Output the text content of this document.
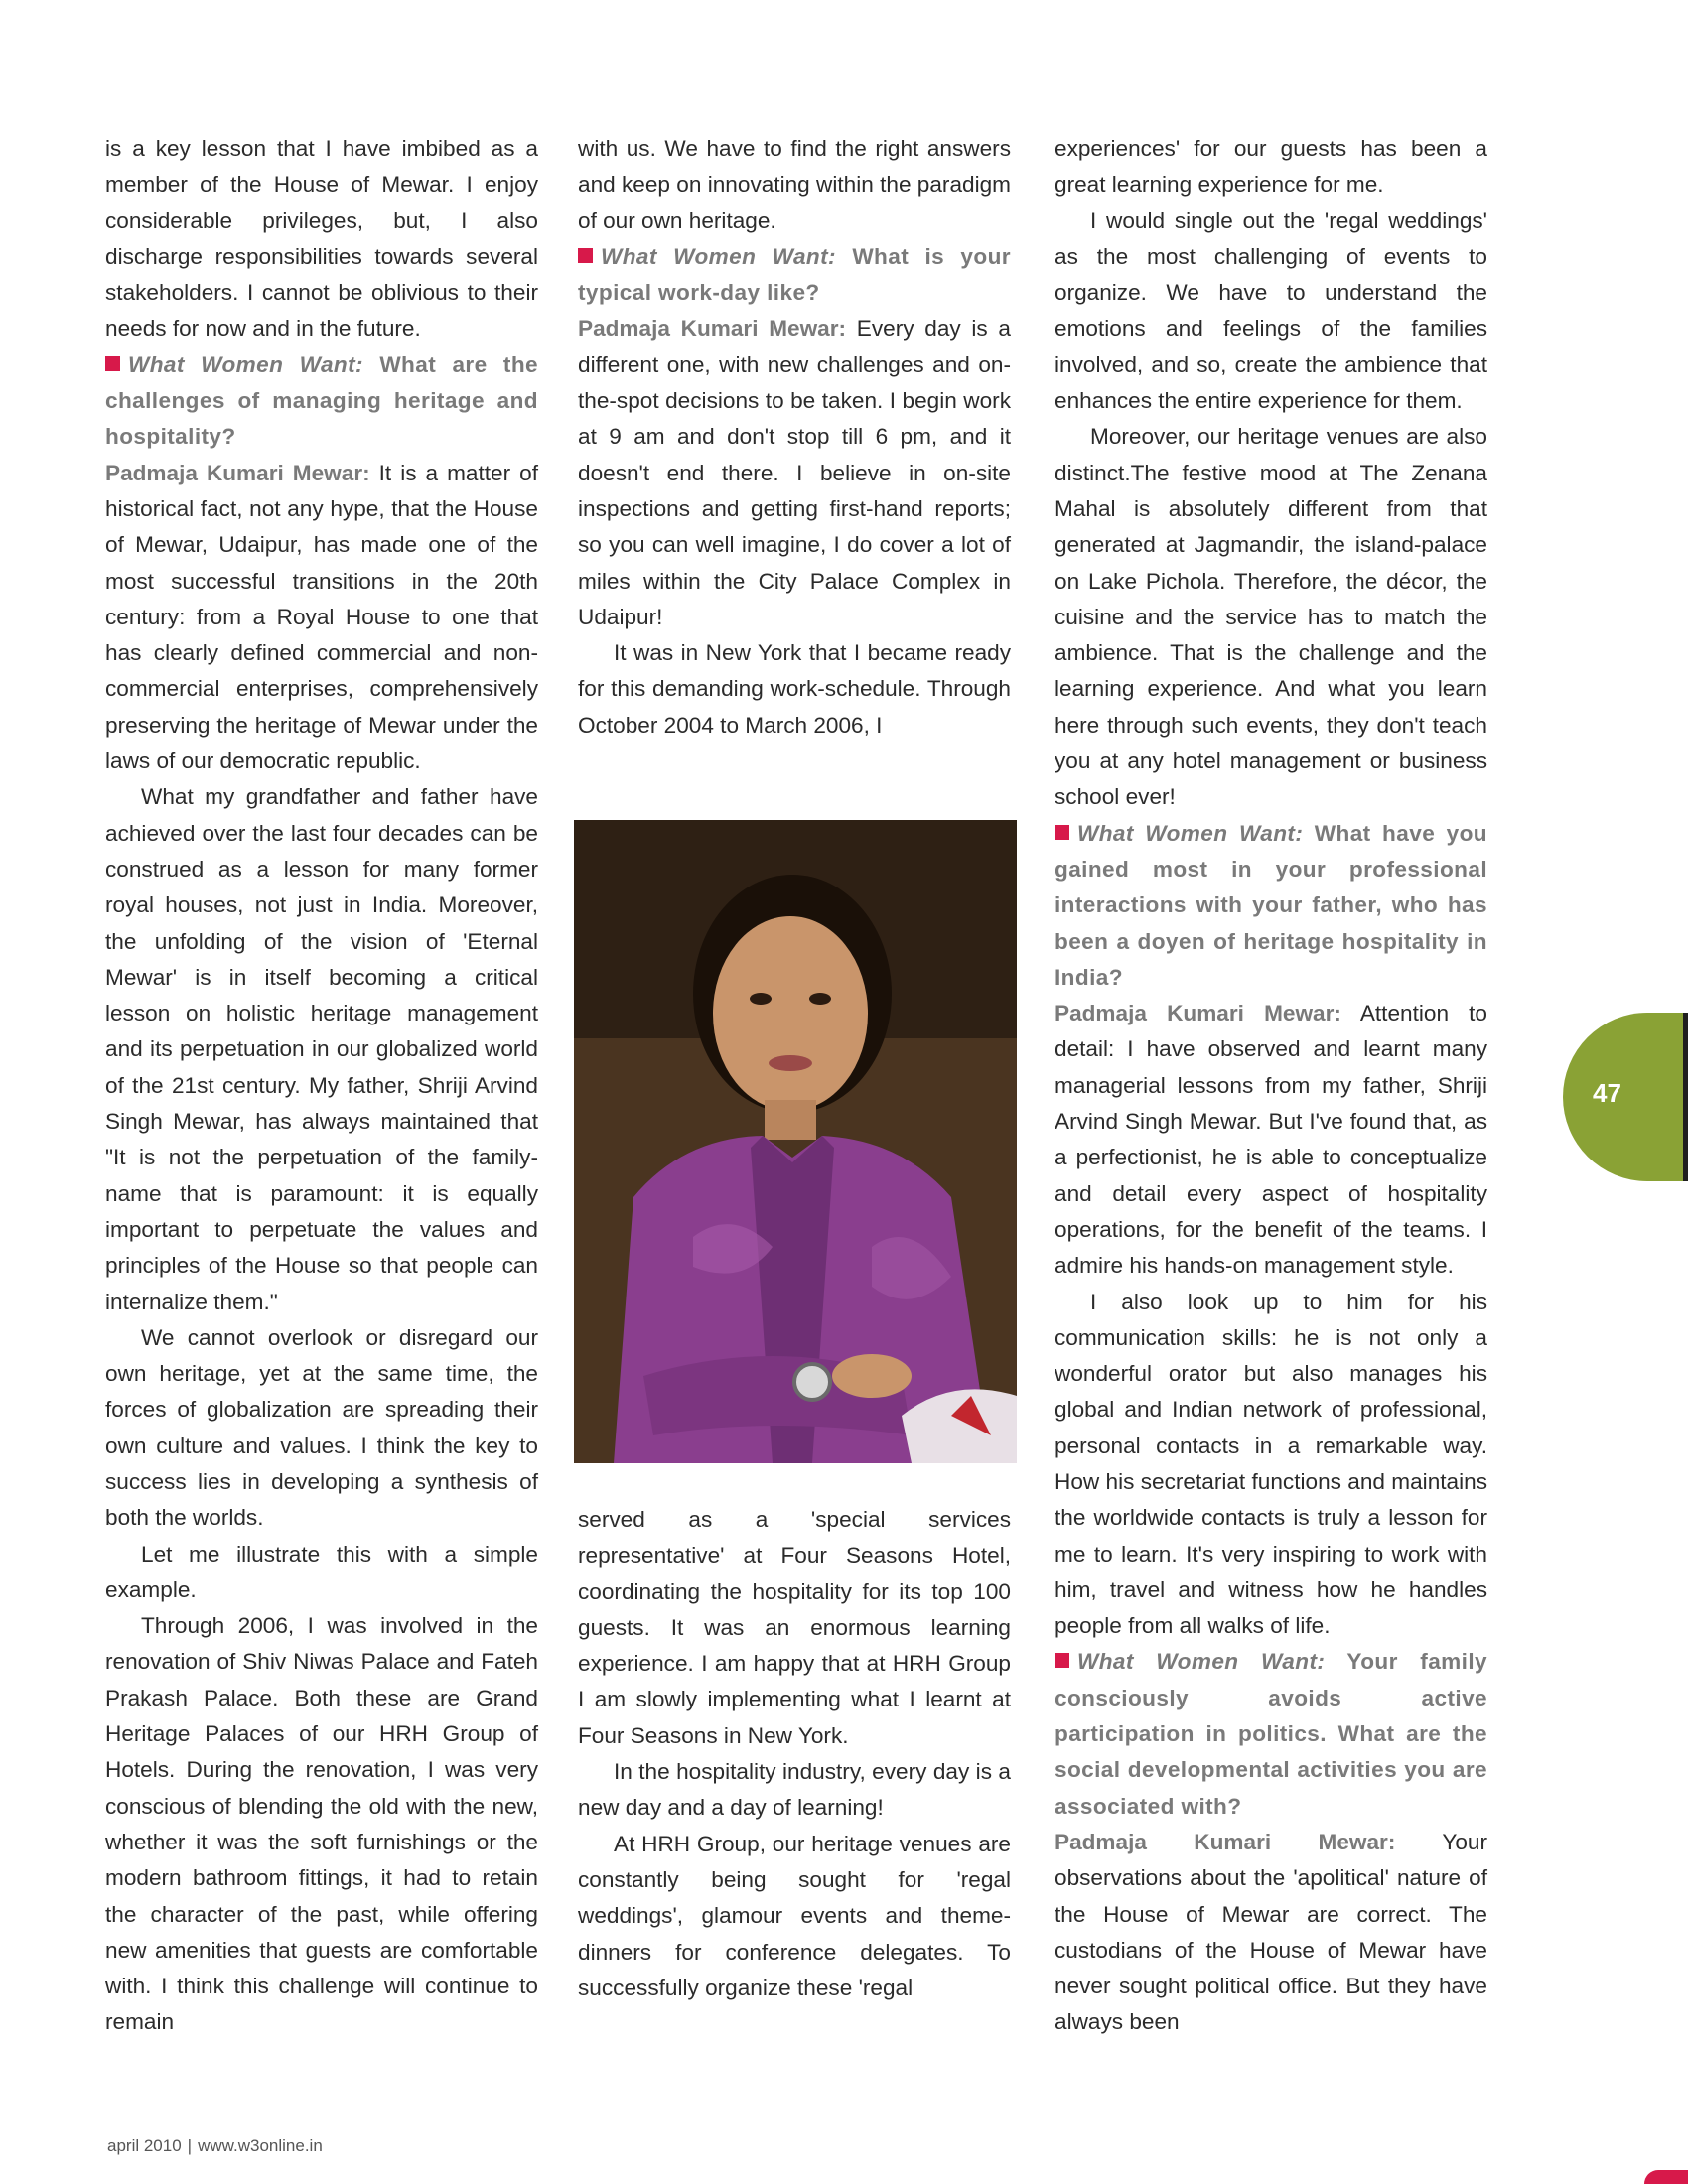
is a key lesson that I have imbibed as a member of the House of Mewar. I enjoy considerable privileges, but, I also discharge responsibilities towards several stakeholders. I cannot be oblivious to their needs for now and in the future.

What Women Want: What are the challenges of managing heritage and hospitality?

Padmaja Kumari Mewar: It is a matter of historical fact, not any hype, that the House of Mewar, Udaipur, has made one of the most successful transitions in the 20th century: from a Royal House to one that has clearly defined commercial and non-commercial enterprises, comprehensively preserving the heritage of Mewar under the laws of our democratic republic.

What my grandfather and father have achieved over the last four decades can be construed as a lesson for many former royal houses, not just in India. Moreover, the unfolding of the vision of 'Eternal Mewar' is in itself becoming a critical lesson on holistic heritage management and its perpetuation in our globalized world of the 21st century. My father, Shriji Arvind Singh Mewar, has always maintained that "It is not the perpetuation of the family-name that is paramount: it is equally important to perpetuate the values and principles of the House so that people can internalize them."

We cannot overlook or disregard our own heritage, yet at the same time, the forces of globalization are spreading their own culture and values. I think the key to success lies in developing a synthesis of both the worlds.

Let me illustrate this with a simple example.

Through 2006, I was involved in the renovation of Shiv Niwas Palace and Fateh Prakash Palace. Both these are Grand Heritage Palaces of our HRH Group of Hotels. During the renovation, I was very conscious of blending the old with the new, whether it was the soft furnishings or the modern bathroom fittings, it had to retain the character of the past, while offering new amenities that guests are comfortable with. I think this challenge will continue to remain

with us. We have to find the right answers and keep on innovating within the paradigm of our own heritage.

What Women Want: What is your typical work-day like?

Padmaja Kumari Mewar: Every day is a different one, with new challenges and on-the-spot decisions to be taken. I begin work at 9 am and don't stop till 6 pm, and it doesn't end there. I believe in on-site inspections and getting first-hand reports; so you can well imagine, I do cover a lot of miles within the City Palace Complex in Udaipur!

It was in New York that I became ready for this demanding work-schedule. Through October 2004 to March 2006, I

served as a 'special services representative' at Four Seasons Hotel, coordinating the hospitality for its top 100 guests. It was an enormous learning experience. I am happy that at HRH Group I am slowly implementing what I learnt at Four Seasons in New York.

In the hospitality industry, every day is a new day and a day of learning!

At HRH Group, our heritage venues are constantly being sought for 'regal weddings', glamour events and theme-dinners for conference delegates. To successfully organize these 'regal

experiences' for our guests has been a great learning experience for me.

I would single out the 'regal weddings' as the most challenging of events to organize. We have to understand the emotions and feelings of the families involved, and so, create the ambience that enhances the entire experience for them.

Moreover, our heritage venues are also distinct.The festive mood at The Zenana Mahal is absolutely different from that generated at Jagmandir, the island-palace on Lake Pichola. Therefore, the décor, the cuisine and the service has to match the ambience. That is the challenge and the learning experience. And what you learn here through such events, they don't teach you at any hotel management or business school ever!

What Women Want: What have you gained most in your professional interactions with your father, who has been a doyen of heritage hospitality in India?

Padmaja Kumari Mewar: Attention to detail: I have observed and learnt many managerial lessons from my father, Shriji Arvind Singh Mewar. But I've found that, as a perfectionist, he is able to conceptualize and detail every aspect of hospitality operations, for the benefit of the teams. I admire his hands-on management style.

I also look up to him for his communication skills: he is not only a wonderful orator but also manages his global and Indian network of professional, personal contacts in a remarkable way. How his secretariat functions and maintains the worldwide contacts is truly a lesson for me to learn. It's very inspiring to work with him, travel and witness how he handles people from all walks of life.

What Women Want: Your family consciously avoids active participation in politics. What are the social developmental activities you are associated with?

Padmaja Kumari Mewar: Your observations about the 'apolitical' nature of the House of Mewar are correct. The custodians of the House of Mewar have never sought political office. But they have always been

47
april 2010 | www.w3online.in
